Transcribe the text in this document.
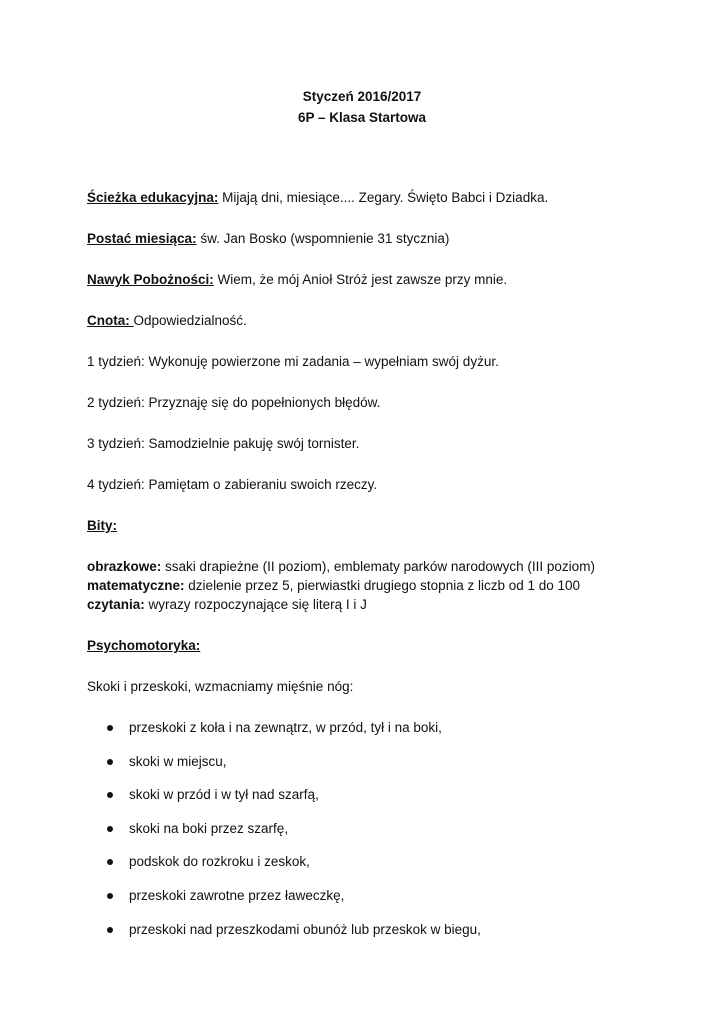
Styczeń 2016/2017
6P – Klasa Startowa

Ścieżka edukacyjna: Mijają dni, miesiące.... Zegary. Święto Babci i Dziadka.

Postać miesiąca: św. Jan Bosko (wspomnienie 31 stycznia)

Nawyk Pobożności: Wiem, że mój Anioł Stróż jest zawsze przy mnie.

Cnota: Odpowiedzialność.

1 tydzień: Wykonuję powierzone mi zadania – wypełniam swój dyżur.

2 tydzień: Przyznaję się do popełnionych błędów.

3 tydzień: Samodzielnie pakuję swój tornister.

4 tydzień: Pamiętam o zabieraniu swoich rzeczy.

Bity:

obrazkowe: ssaki drapieżne (II poziom), emblematy parków narodowych (III poziom)

matematyczne: dzielenie przez 5, pierwiastki drugiego stopnia z liczb od 1 do 100

czytania: wyrazy rozpoczynające się literą I i J

Psychomotoryka:

Skoki i przeskoki, wzmacniamy mięśnie nóg:

przeskoki z koła i na zewnątrz, w przód, tył i na boki,
skoki w miejscu,
skoki w przód i w tył nad szarfą,
skoki na boki przez szarfę,
podskok do rozkroku i zeskok,
przeskoki zawrotne przez ławeczkę,
przeskoki nad przeszkodami obunóż lub przeskok w biegu,
